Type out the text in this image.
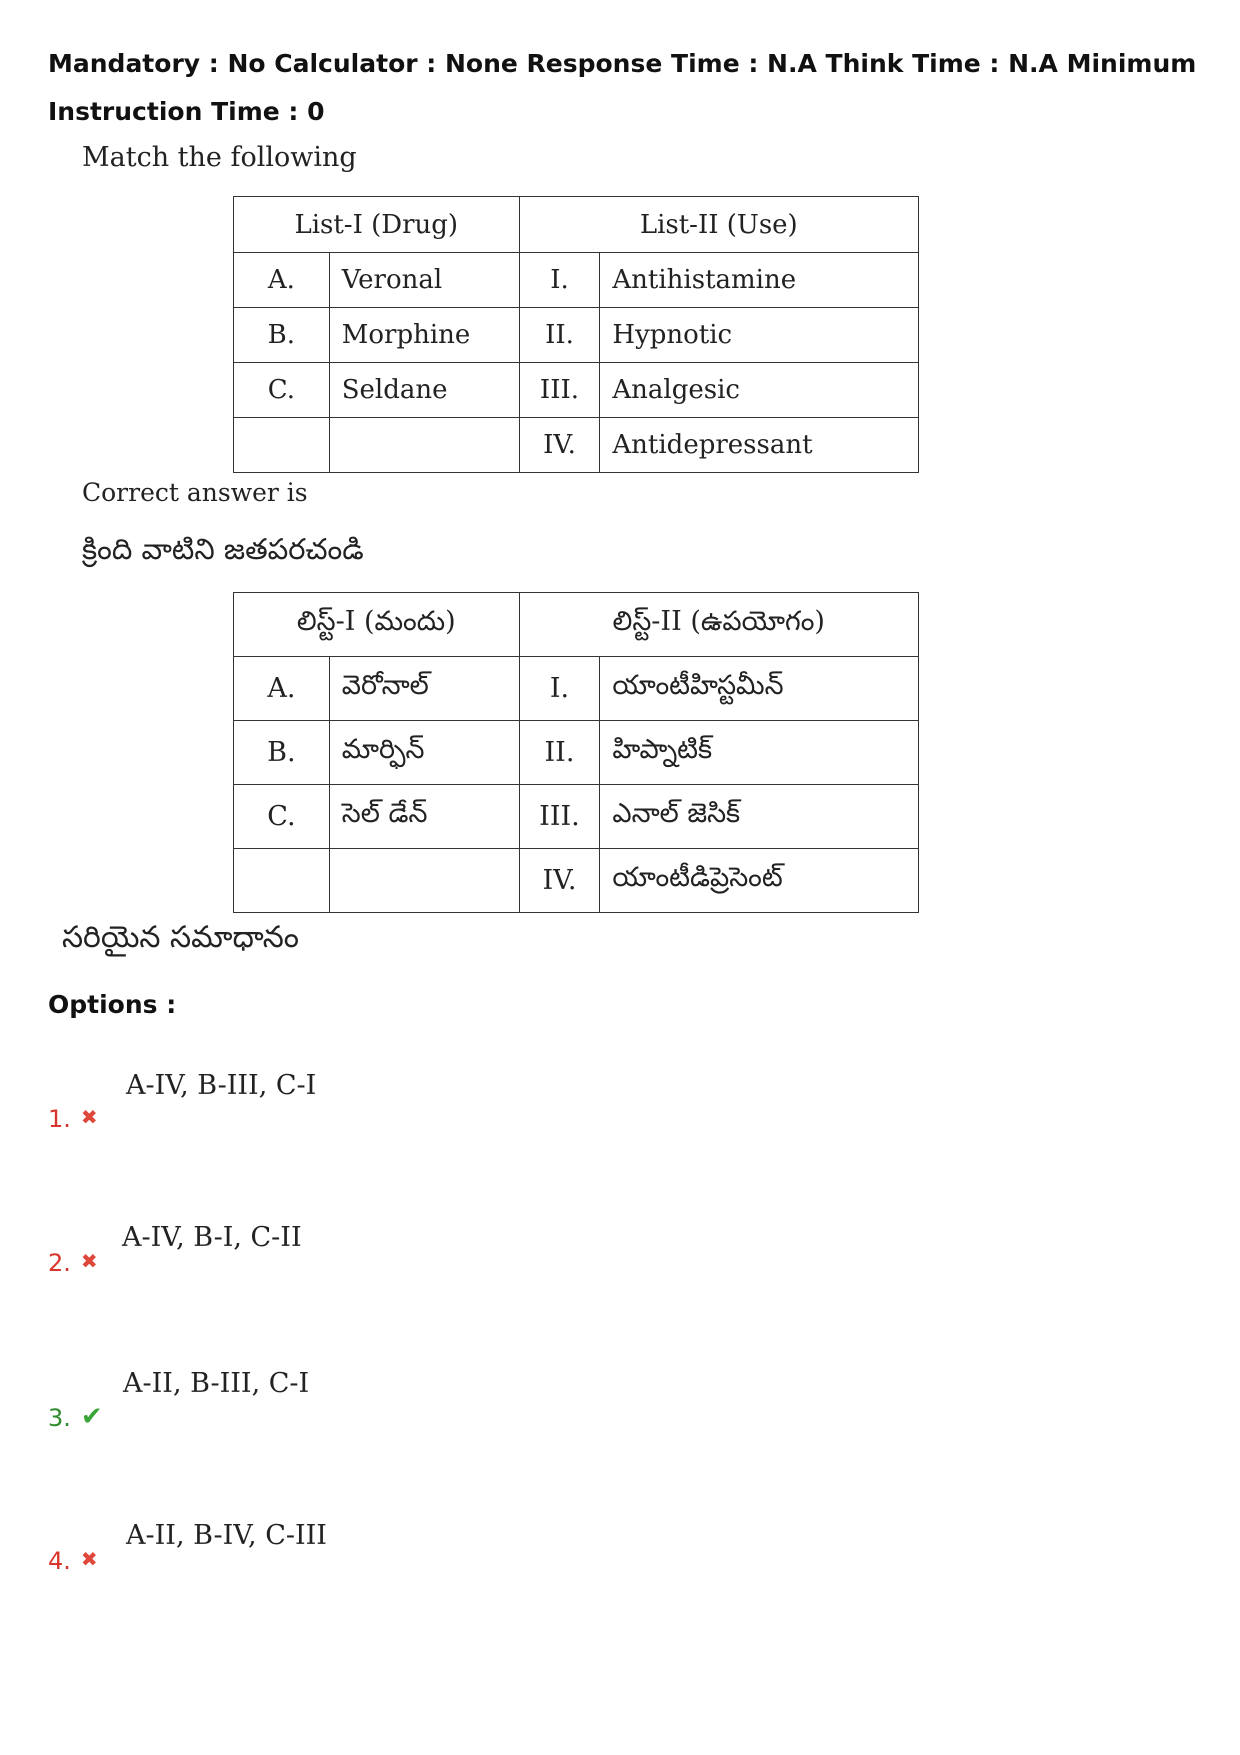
Mandatory : No Calculator : None Response Time : N.A Think Time : N.A Minimum Instruction Time : 0
Match the following
List-I (Drug)		List-II (Use)	
A.	Veronal	I.	Antihistamine
B.	Morphine	II.	Hypnotic
C.	Seldane	III.	Analgesic
		IV.	Antidepressant
Correct answer is
క్రింది వాటిని జతపరచండి
లిస్ట్-I (మందు)		లిస్ట్-II (ఉపయోగం)	
A.	వెరోనాల్	I.	యాంటీహిస్టమీన్
B.	మార్ఫిన్	II.	హిప్నాటిక్
C.	సెల్ డేన్	III.	ఎనాల్ జెసిక్
		IV.	యాంటీడిప్రెసెంట్
సరియైన సమాధానం
Options :
A-IV, B-III, C-I
1. ✖
A-IV, B-I, C-II
2. ✖
A-II, B-III, C-I
3. ✔
A-II, B-IV, C-III
4. ✖
